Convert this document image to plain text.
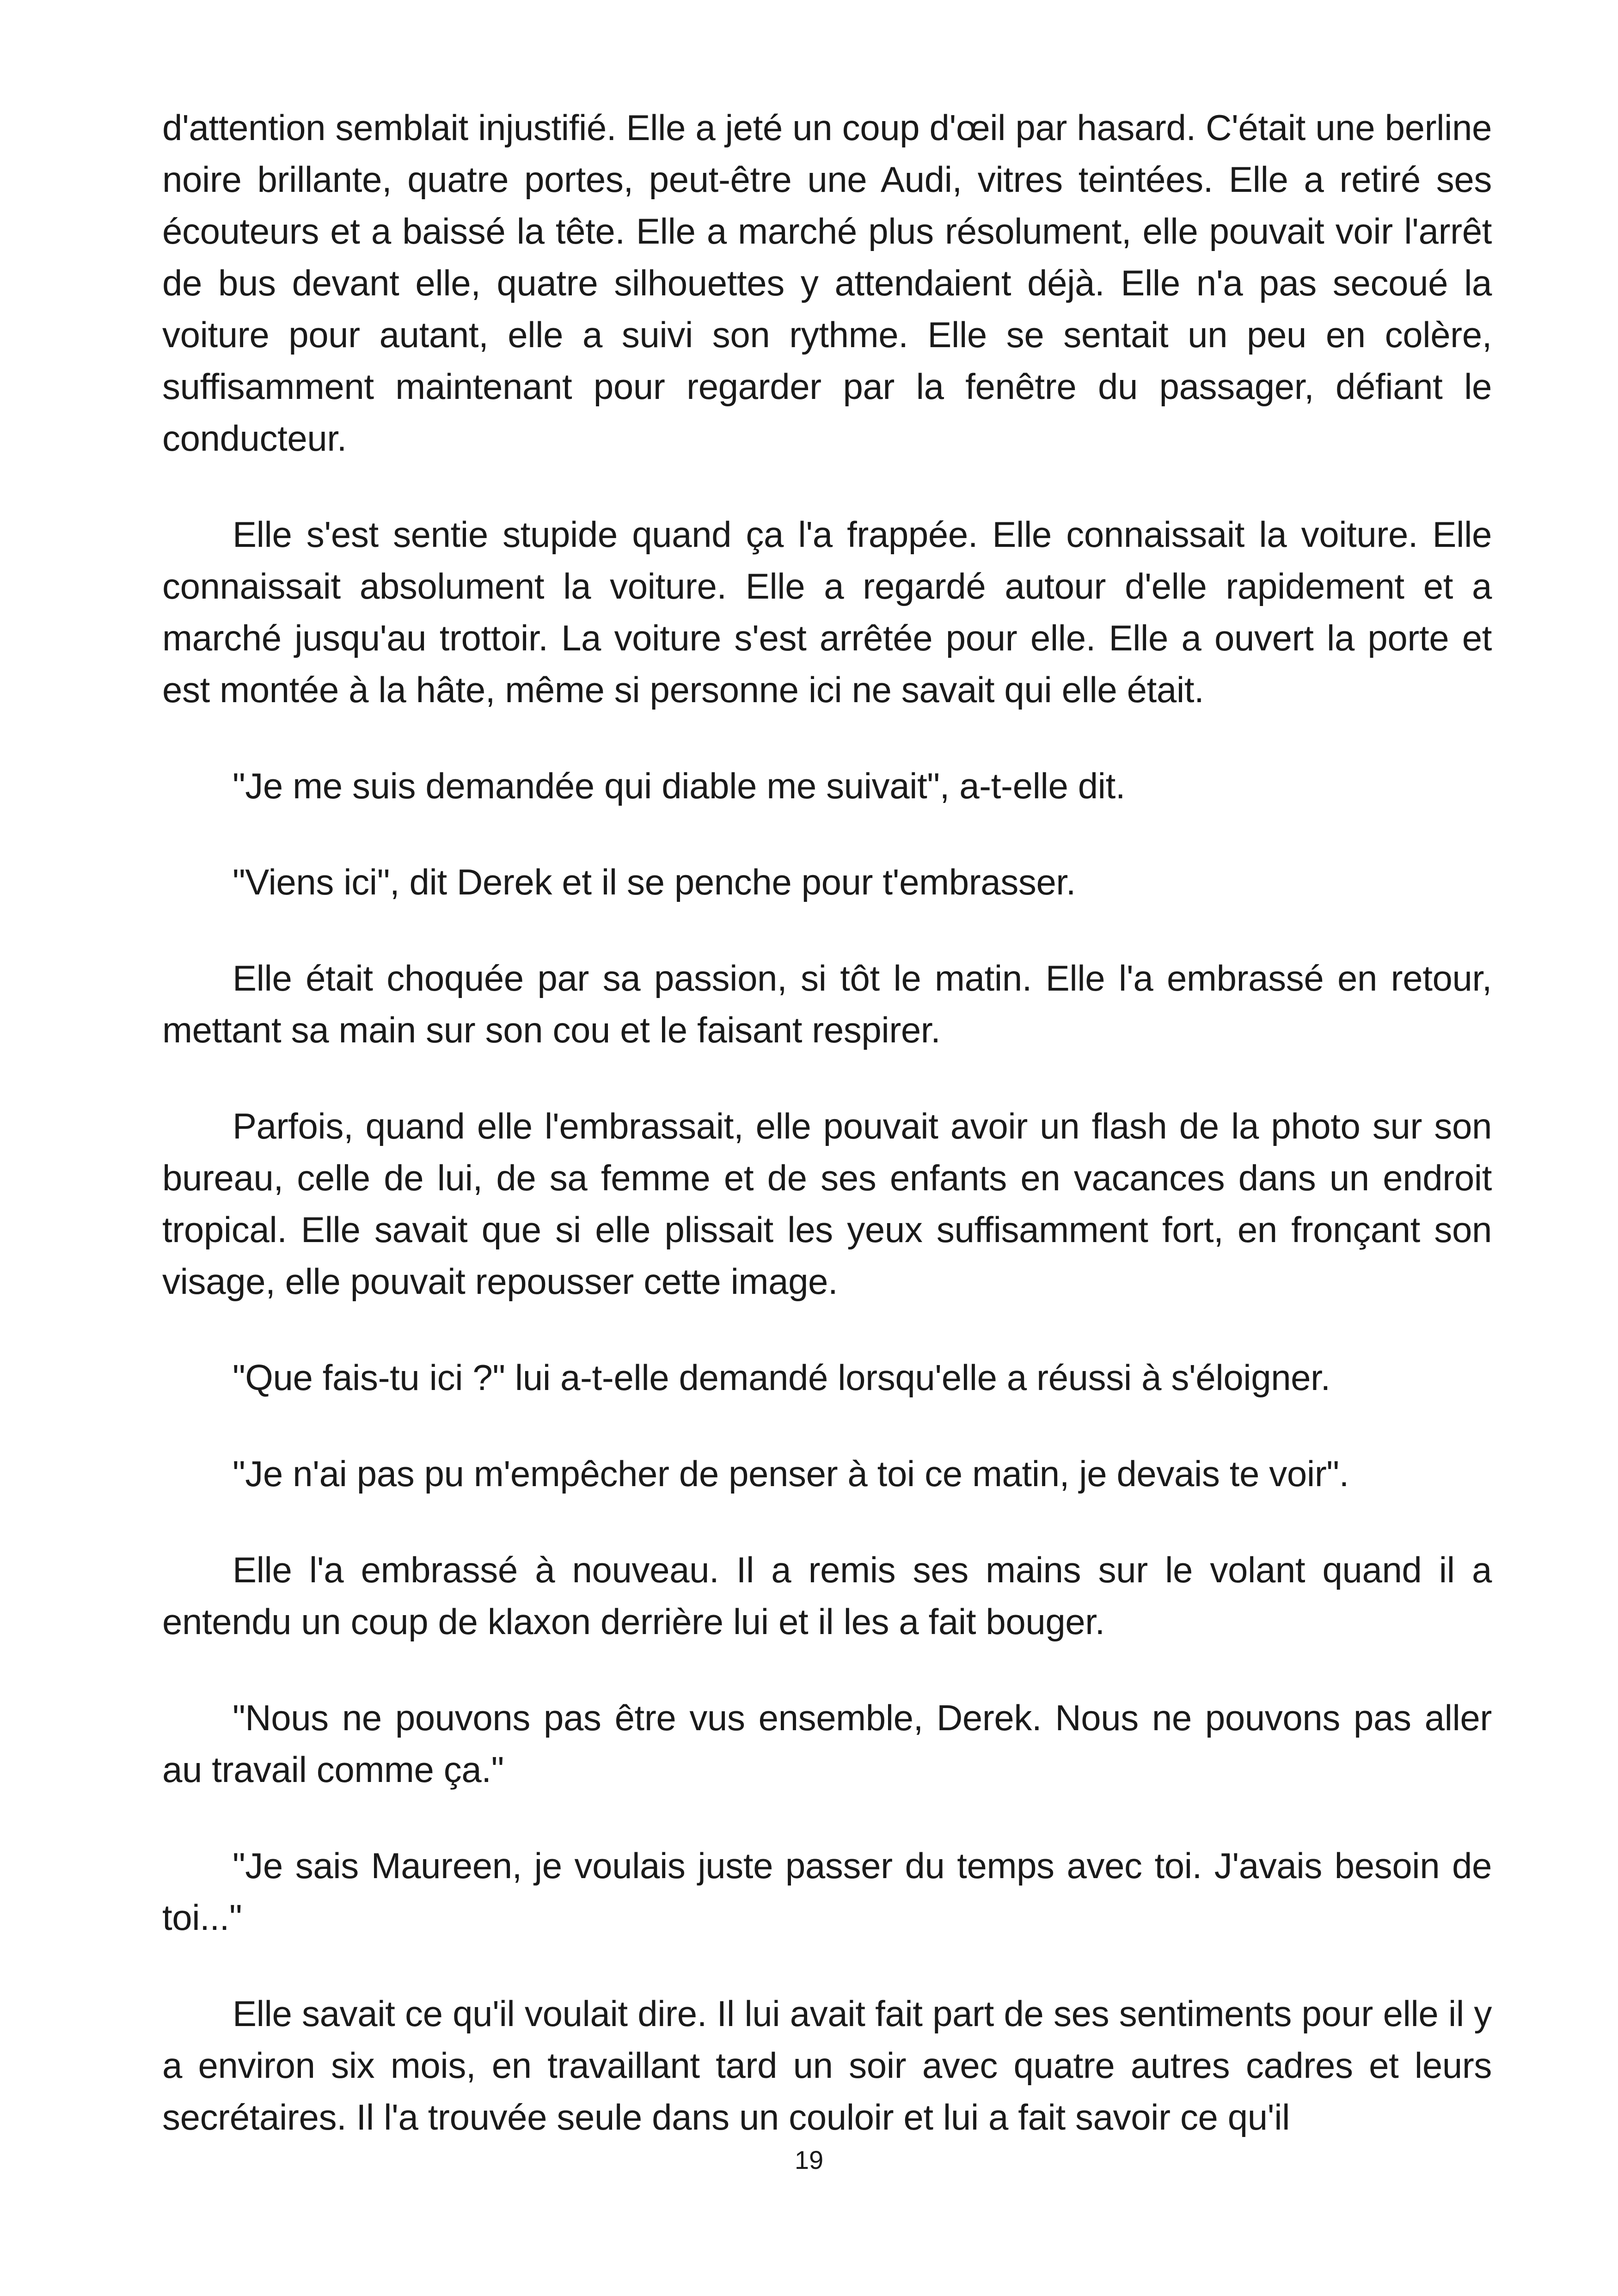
d'attention semblait injustifié. Elle a jeté un coup d'œil par hasard. C'était une berline noire brillante, quatre portes, peut-être une Audi, vitres teintées. Elle a retiré ses écouteurs et a baissé la tête. Elle a marché plus résolument, elle pouvait voir l'arrêt de bus devant elle, quatre silhouettes y attendaient déjà. Elle n'a pas secoué la voiture pour autant, elle a suivi son rythme. Elle se sentait un peu en colère, suffisamment maintenant pour regarder par la fenêtre du passager, défiant le conducteur.

Elle s'est sentie stupide quand ça l'a frappée. Elle connaissait la voiture. Elle connaissait absolument la voiture. Elle a regardé autour d'elle rapidement et a marché jusqu'au trottoir. La voiture s'est arrêtée pour elle. Elle a ouvert la porte et est montée à la hâte, même si personne ici ne savait qui elle était.

"Je me suis demandée qui diable me suivait", a-t-elle dit.

"Viens ici", dit Derek et il se penche pour t'embrasser.

Elle était choquée par sa passion, si tôt le matin. Elle l'a embrassé en retour, mettant sa main sur son cou et le faisant respirer.

Parfois, quand elle l'embrassait, elle pouvait avoir un flash de la photo sur son bureau, celle de lui, de sa femme et de ses enfants en vacances dans un endroit tropical. Elle savait que si elle plissait les yeux suffisamment fort, en fronçant son visage, elle pouvait repousser cette image.

"Que fais-tu ici ?" lui a-t-elle demandé lorsqu'elle a réussi à s'éloigner.

"Je n'ai pas pu m'empêcher de penser à toi ce matin, je devais te voir".

Elle l'a embrassé à nouveau. Il a remis ses mains sur le volant quand il a entendu un coup de klaxon derrière lui et il les a fait bouger.

"Nous ne pouvons pas être vus ensemble, Derek. Nous ne pouvons pas aller au travail comme ça."

"Je sais Maureen, je voulais juste passer du temps avec toi. J'avais besoin de toi..."

Elle savait ce qu'il voulait dire. Il lui avait fait part de ses sentiments pour elle il y a environ six mois, en travaillant tard un soir avec quatre autres cadres et leurs secrétaires. Il l'a trouvée seule dans un couloir et lui a fait savoir ce qu'il

19
